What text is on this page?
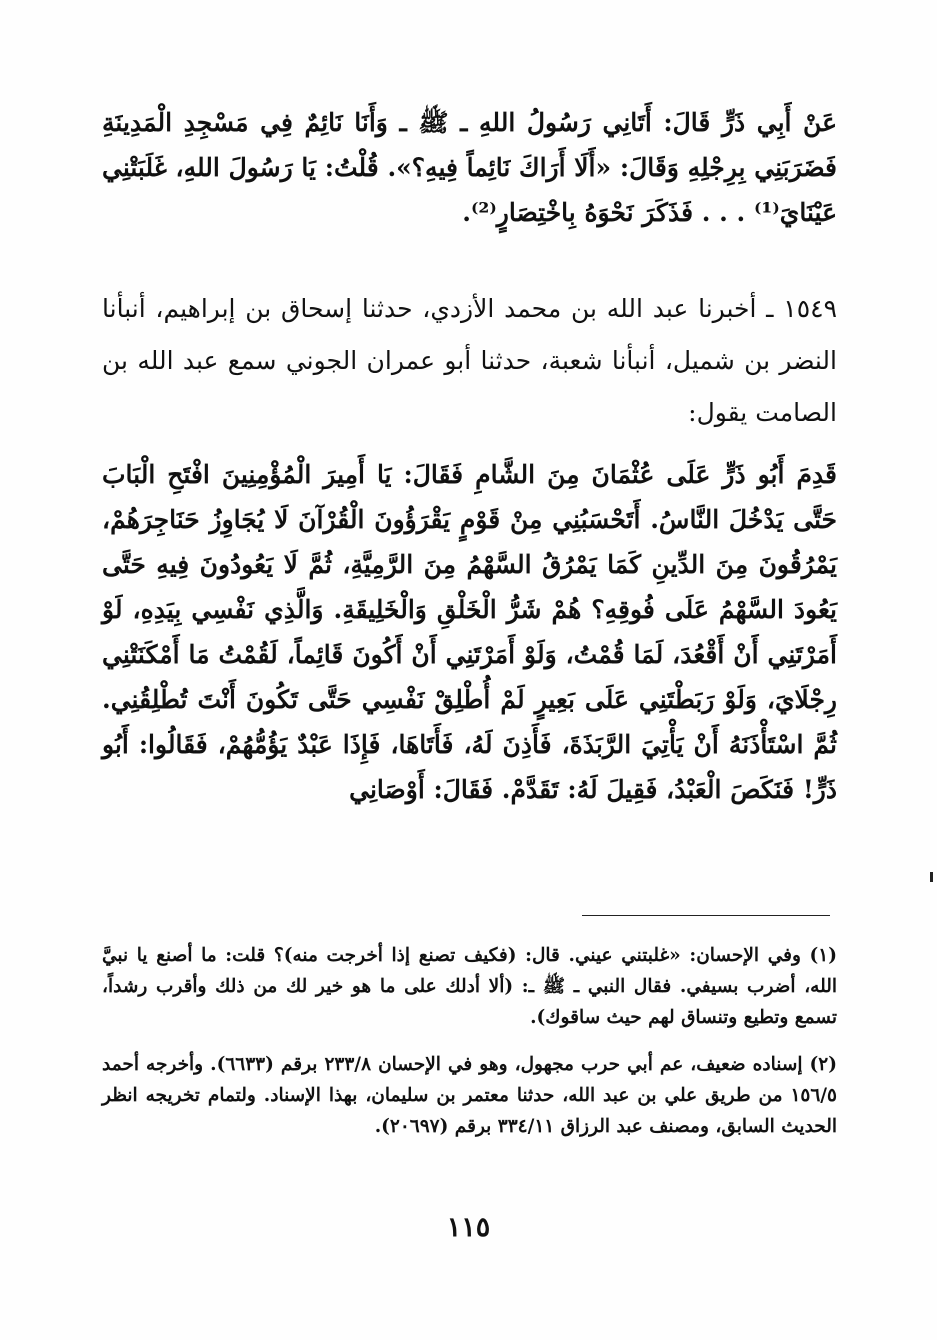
عَنْ أَبِي ذَرٍّ قَالَ: أَتَانِي رَسُولُ اللهِ ـ ﷺ ـ وَأَنَا نَائِمٌ فِي مَسْجِدِ الْمَدِينَةِ فَضَرَبَنِي بِرِجْلِهِ وَقَالَ: «أَلَا أَرَاكَ نَائِماً فِيهِ؟». قُلْتُ: يَا رَسُولَ اللهِ، غَلَبَتْنِي عَيْنَايَ⁽¹⁾ . . . فَذَكَرَ نَحْوَهُ بِاخْتِصَارٍ⁽²⁾.

١٥٤٩ ـ أخبرنا عبد الله بن محمد الأزدي، حدثنا إسحاق بن إبراهيم، أنبأنا النضر بن شميل، أنبأنا شعبة، حدثنا أبو عمران الجوني سمع عبد الله بن الصامت يقول:

قَدِمَ أَبُو ذَرٍّ عَلَى عُثْمَانَ مِنَ الشَّامِ فَقَالَ: يَا أَمِيرَ الْمُؤْمِنِينَ افْتَحِ الْبَابَ حَتَّى يَدْخُلَ النَّاسُ. أَتَحْسَبُنِي مِنْ قَوْمٍ يَقْرَؤُونَ الْقُرْآنَ لَا يُجَاوِزُ حَنَاجِرَهُمْ، يَمْرُقُونَ مِنَ الدِّينِ كَمَا يَمْرُقُ السَّهْمُ مِنَ الرَّمِيَّةِ، ثُمَّ لَا يَعُودُونَ فِيهِ حَتَّى يَعُودَ السَّهْمُ عَلَى فُوقِهِ؟ هُمْ شَرُّ الْخَلْقِ وَالْخَلِيقَةِ. وَالَّذِي نَفْسِي بِيَدِهِ، لَوْ أَمَرْتَنِي أَنْ أَقْعُدَ، لَمَا قُمْتُ، وَلَوْ أَمَرْتَنِي أَنْ أَكُونَ قَائِماً، لَقُمْتُ مَا أَمْكَنَتْنِي رِجْلَايَ، وَلَوْ رَبَطْتَنِي عَلَى بَعِيرٍ لَمْ أُطْلِقْ نَفْسِي حَتَّى تَكُونَ أَنْتَ تُطْلِقُنِي. ثُمَّ اسْتَأْذَنَهُ أَنْ يَأْتِيَ الرَّبَذَةَ، فَأَذِنَ لَهُ، فَأَتَاهَا، فَإِذَا عَبْدٌ يَؤُمُّهُمْ، فَقَالُوا: أَبُو ذَرٍّ! فَنَكَصَ الْعَبْدُ، فَقِيلَ لَهُ: تَقَدَّمْ. فَقَالَ: أَوْصَانِي

(١) وفي الإحسان: «غلبتني عيني. قال: (فكيف تصنع إذا أخرجت منه)؟ قلت: ما أصنع يا نبيَّ الله، أضرب بسيفي. فقال النبي ـ ﷺ ـ: (ألا أدلك على ما هو خير لك من ذلك وأقرب رشداً، تسمع وتطيع وتنساق لهم حيث ساقوك).

(٢) إسناده ضعيف، عم أبي حرب مجهول، وهو في الإحسان ٢٣٣/٨ برقم (٦٦٣٣). وأخرجه أحمد ١٥٦/٥ من طريق علي بن عبد الله، حدثنا معتمر بن سليمان، بهذا الإسناد. ولتمام تخريجه انظر الحديث السابق، ومصنف عبد الرزاق ٣٣٤/١١ برقم (٢٠٦٩٧).

١١٥
